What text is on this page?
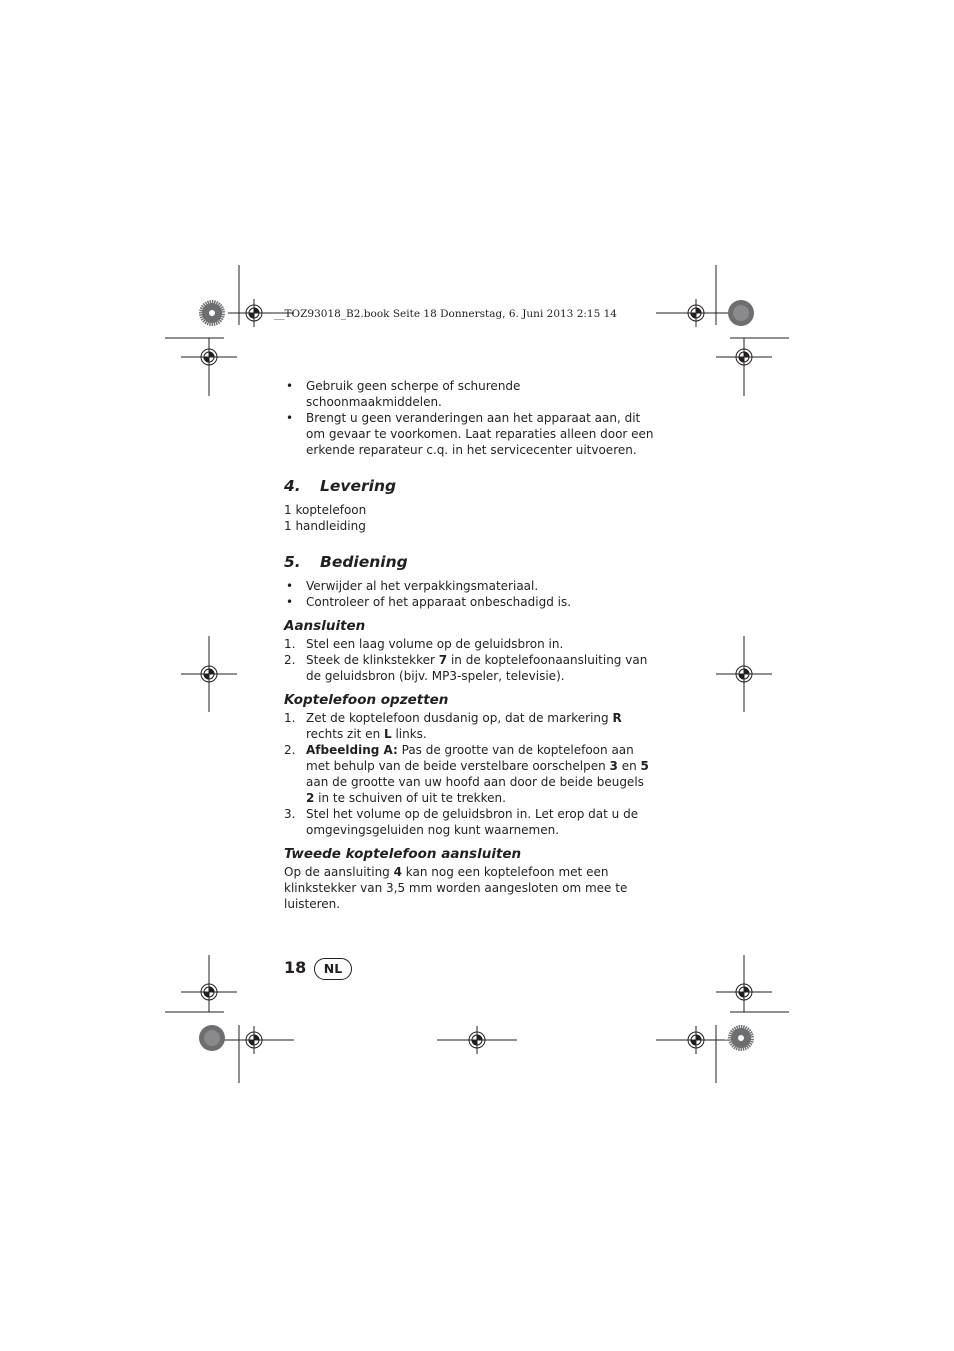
__TOZ93018_B2.book Seite 18 Donnerstag, 6. Juni 2013 2:15 14
• Gebruik geen scherpe of schurende schoonmaakmiddelen.
• Brengt u geen veranderingen aan het apparaat aan, dit om gevaar te voorkomen. Laat reparaties alleen door een erkende reparateur c.q. in het servicecenter uitvoeren.
4. Levering
1 koptelefoon
1 handleiding
5. Bediening
• Verwijder al het verpakkingsmateriaal.
• Controleer of het apparaat onbeschadigd is.
Aansluiten
1. Stel een laag volume op de geluidsbron in.
2. Steek de klinkstekker 7 in de koptelefoonaansluiting van de geluidsbron (bijv. MP3-speler, televisie).
Koptelefoon opzetten
1. Zet de koptelefoon dusdanig op, dat de markering R rechts zit en L links.
2. Afbeelding A: Pas de grootte van de koptelefoon aan met behulp van de beide verstelbare oorschelpen 3 en 5 aan de grootte van uw hoofd aan door de beide beugels 2 in te schuiven of uit te trekken.
3. Stel het volume op de geluidsbron in. Let erop dat u de omgevingsgeluiden nog kunt waarnemen.
Tweede koptelefoon aansluiten
Op de aansluiting 4 kan nog een koptelefoon met een klinkstekker van 3,5 mm worden aangesloten om mee te luisteren.
18	NL
